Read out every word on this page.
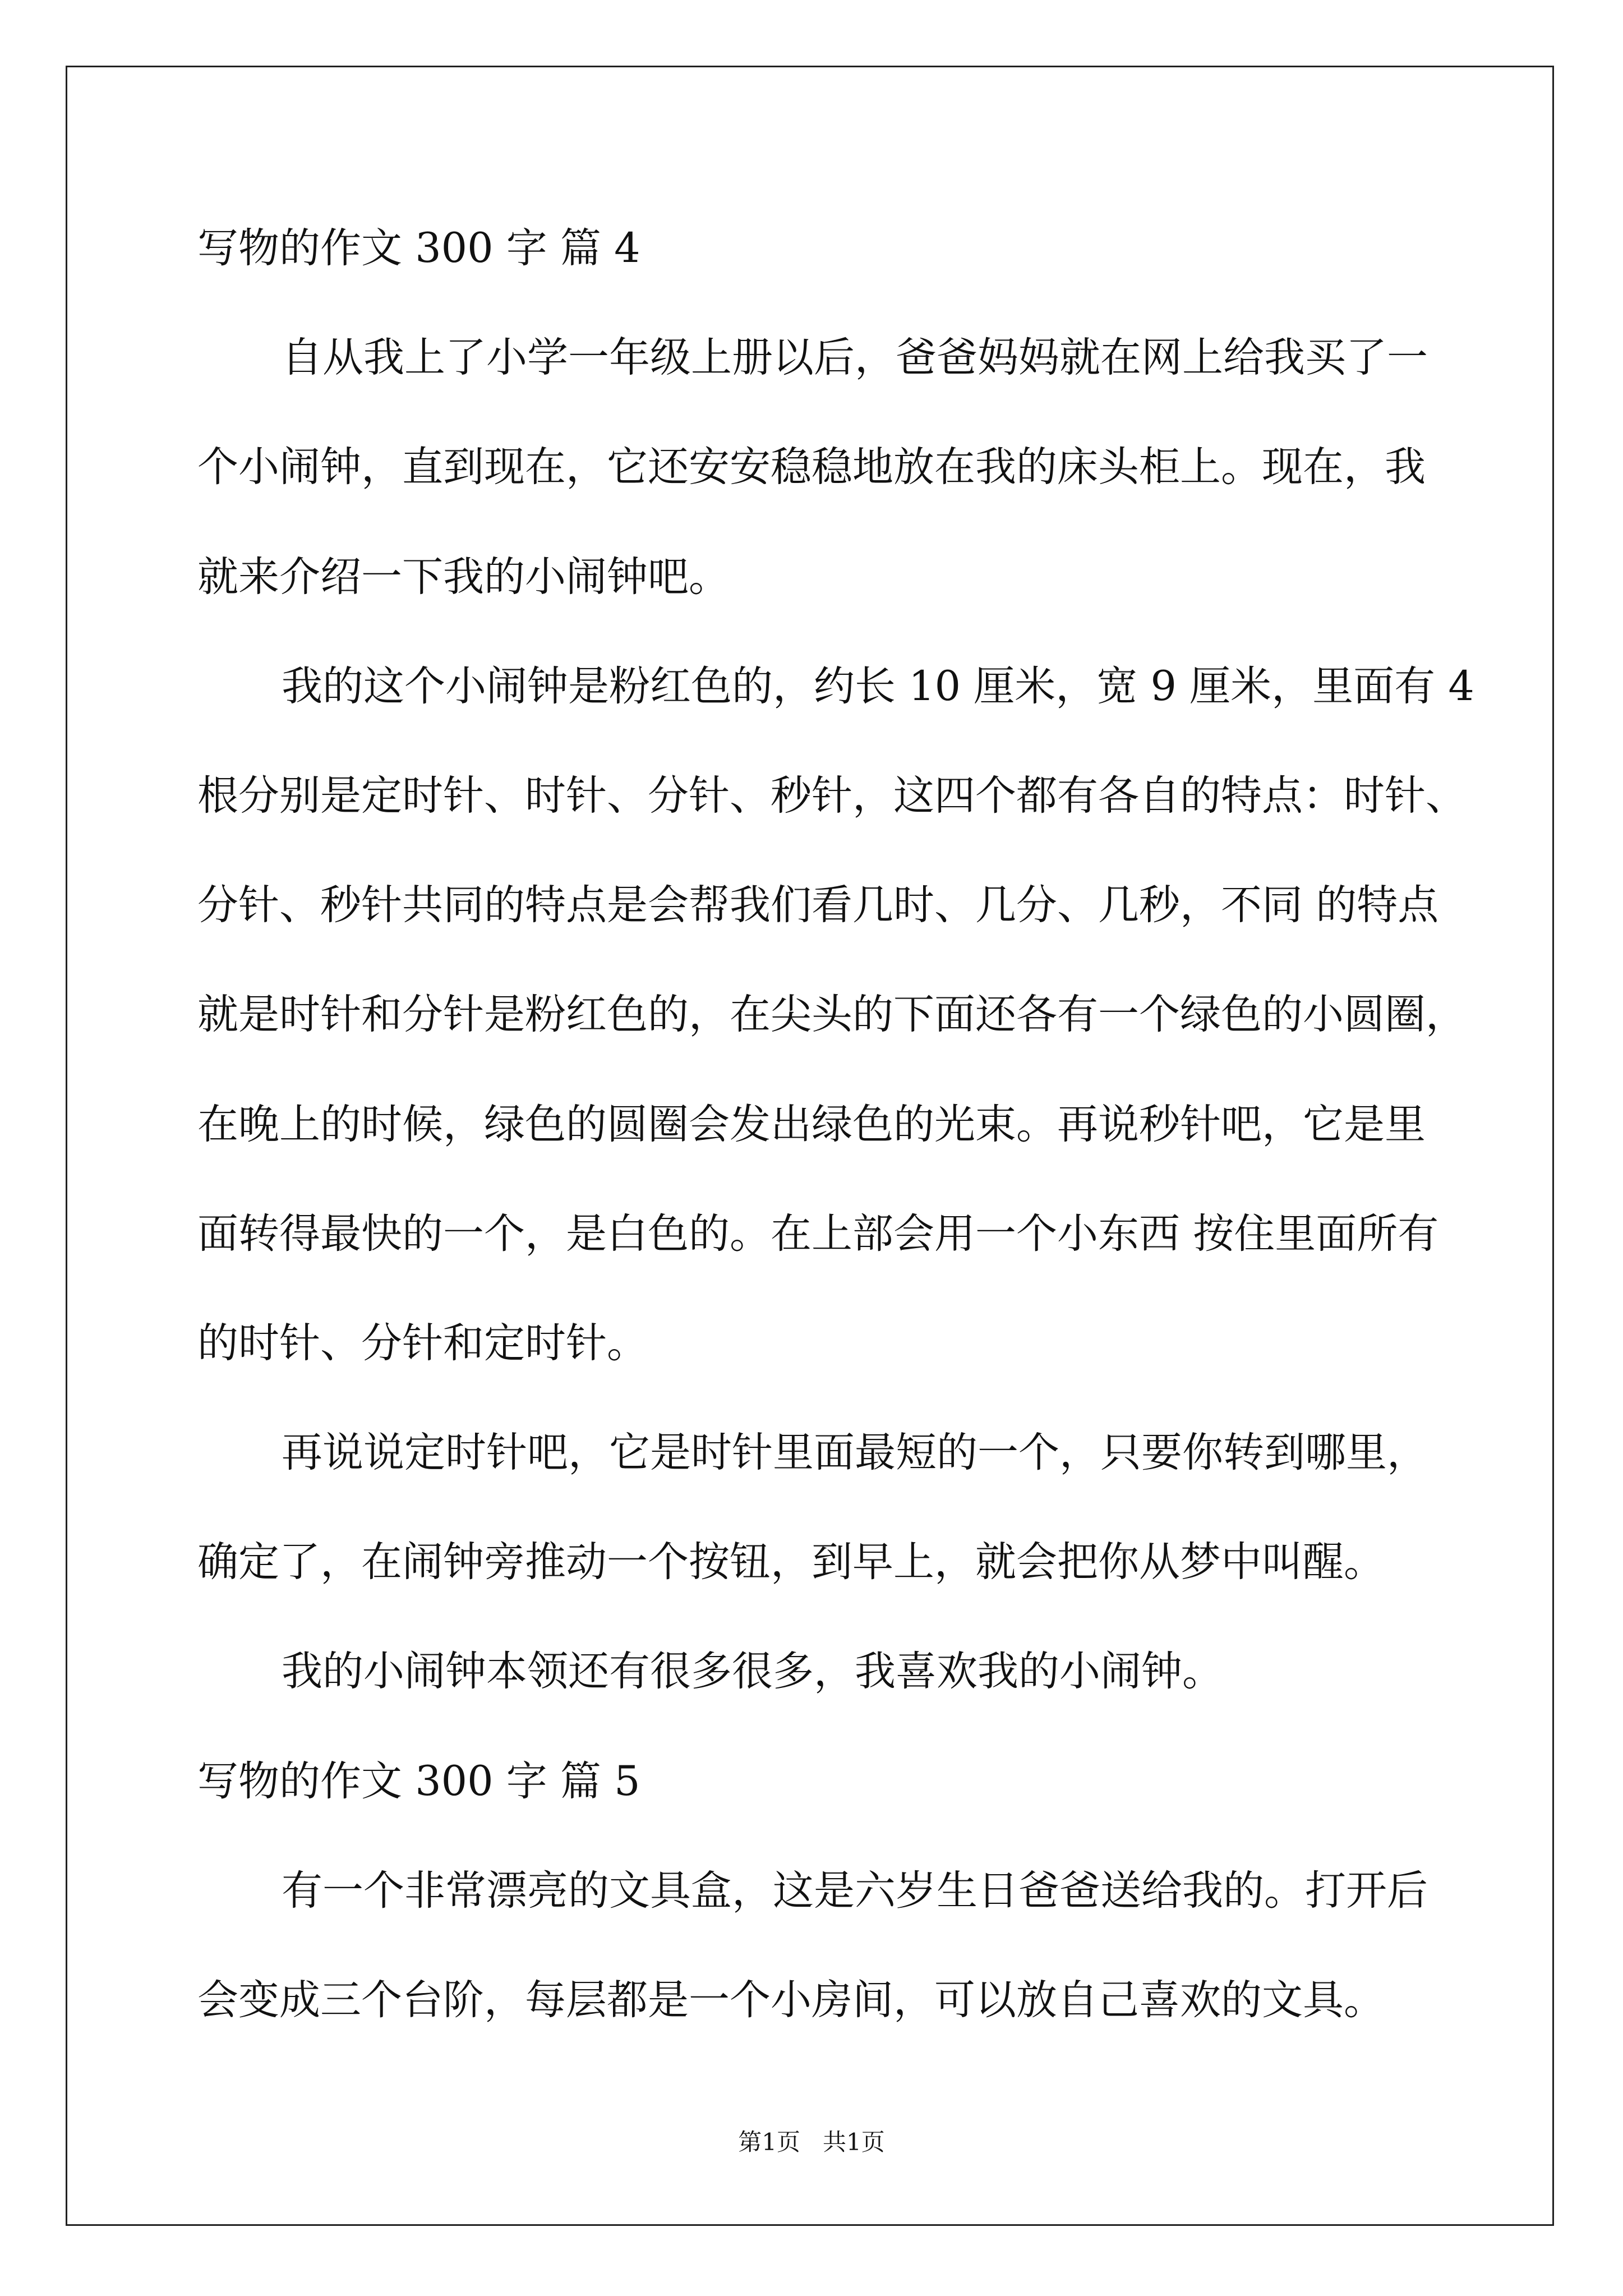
写物的作文 300 字 篇 4
自从我上了小学一年级上册以后，爸爸妈妈就在网上给我买了一
个小闹钟，直到现在，它还安安稳稳地放在我的床头柜上。现在，我
就来介绍一下我的小闹钟吧。
我的这个小闹钟是粉红色的，约长 10 厘米，宽 9 厘米，里面有 4
根分别是定时针、时针、分针、秒针，这四个都有各自的特点：时针、
分针、秒针共同的特点是会帮我们看几时、几分、几秒，不同 的特点
就是时针和分针是粉红色的，在尖头的下面还各有一个绿色的小圆圈，
在晚上的时候，绿色的圆圈会发出绿色的光束。再说秒针吧，它是里
面转得最快的一个，是白色的。在上部会用一个小东西 按住里面所有
的时针、分针和定时针。
再说说定时针吧，它是时针里面最短的一个，只要你转到哪里，
确定了，在闹钟旁推动一个按钮，到早上，就会把你从梦中叫醒。
我的小闹钟本领还有很多很多，我喜欢我的小闹钟。
写物的作文 300 字 篇 5
有一个非常漂亮的文具盒，这是六岁生日爸爸送给我的。打开后
会变成三个台阶，每层都是一个小房间，可以放自己喜欢的文具。
第1页 共1页
